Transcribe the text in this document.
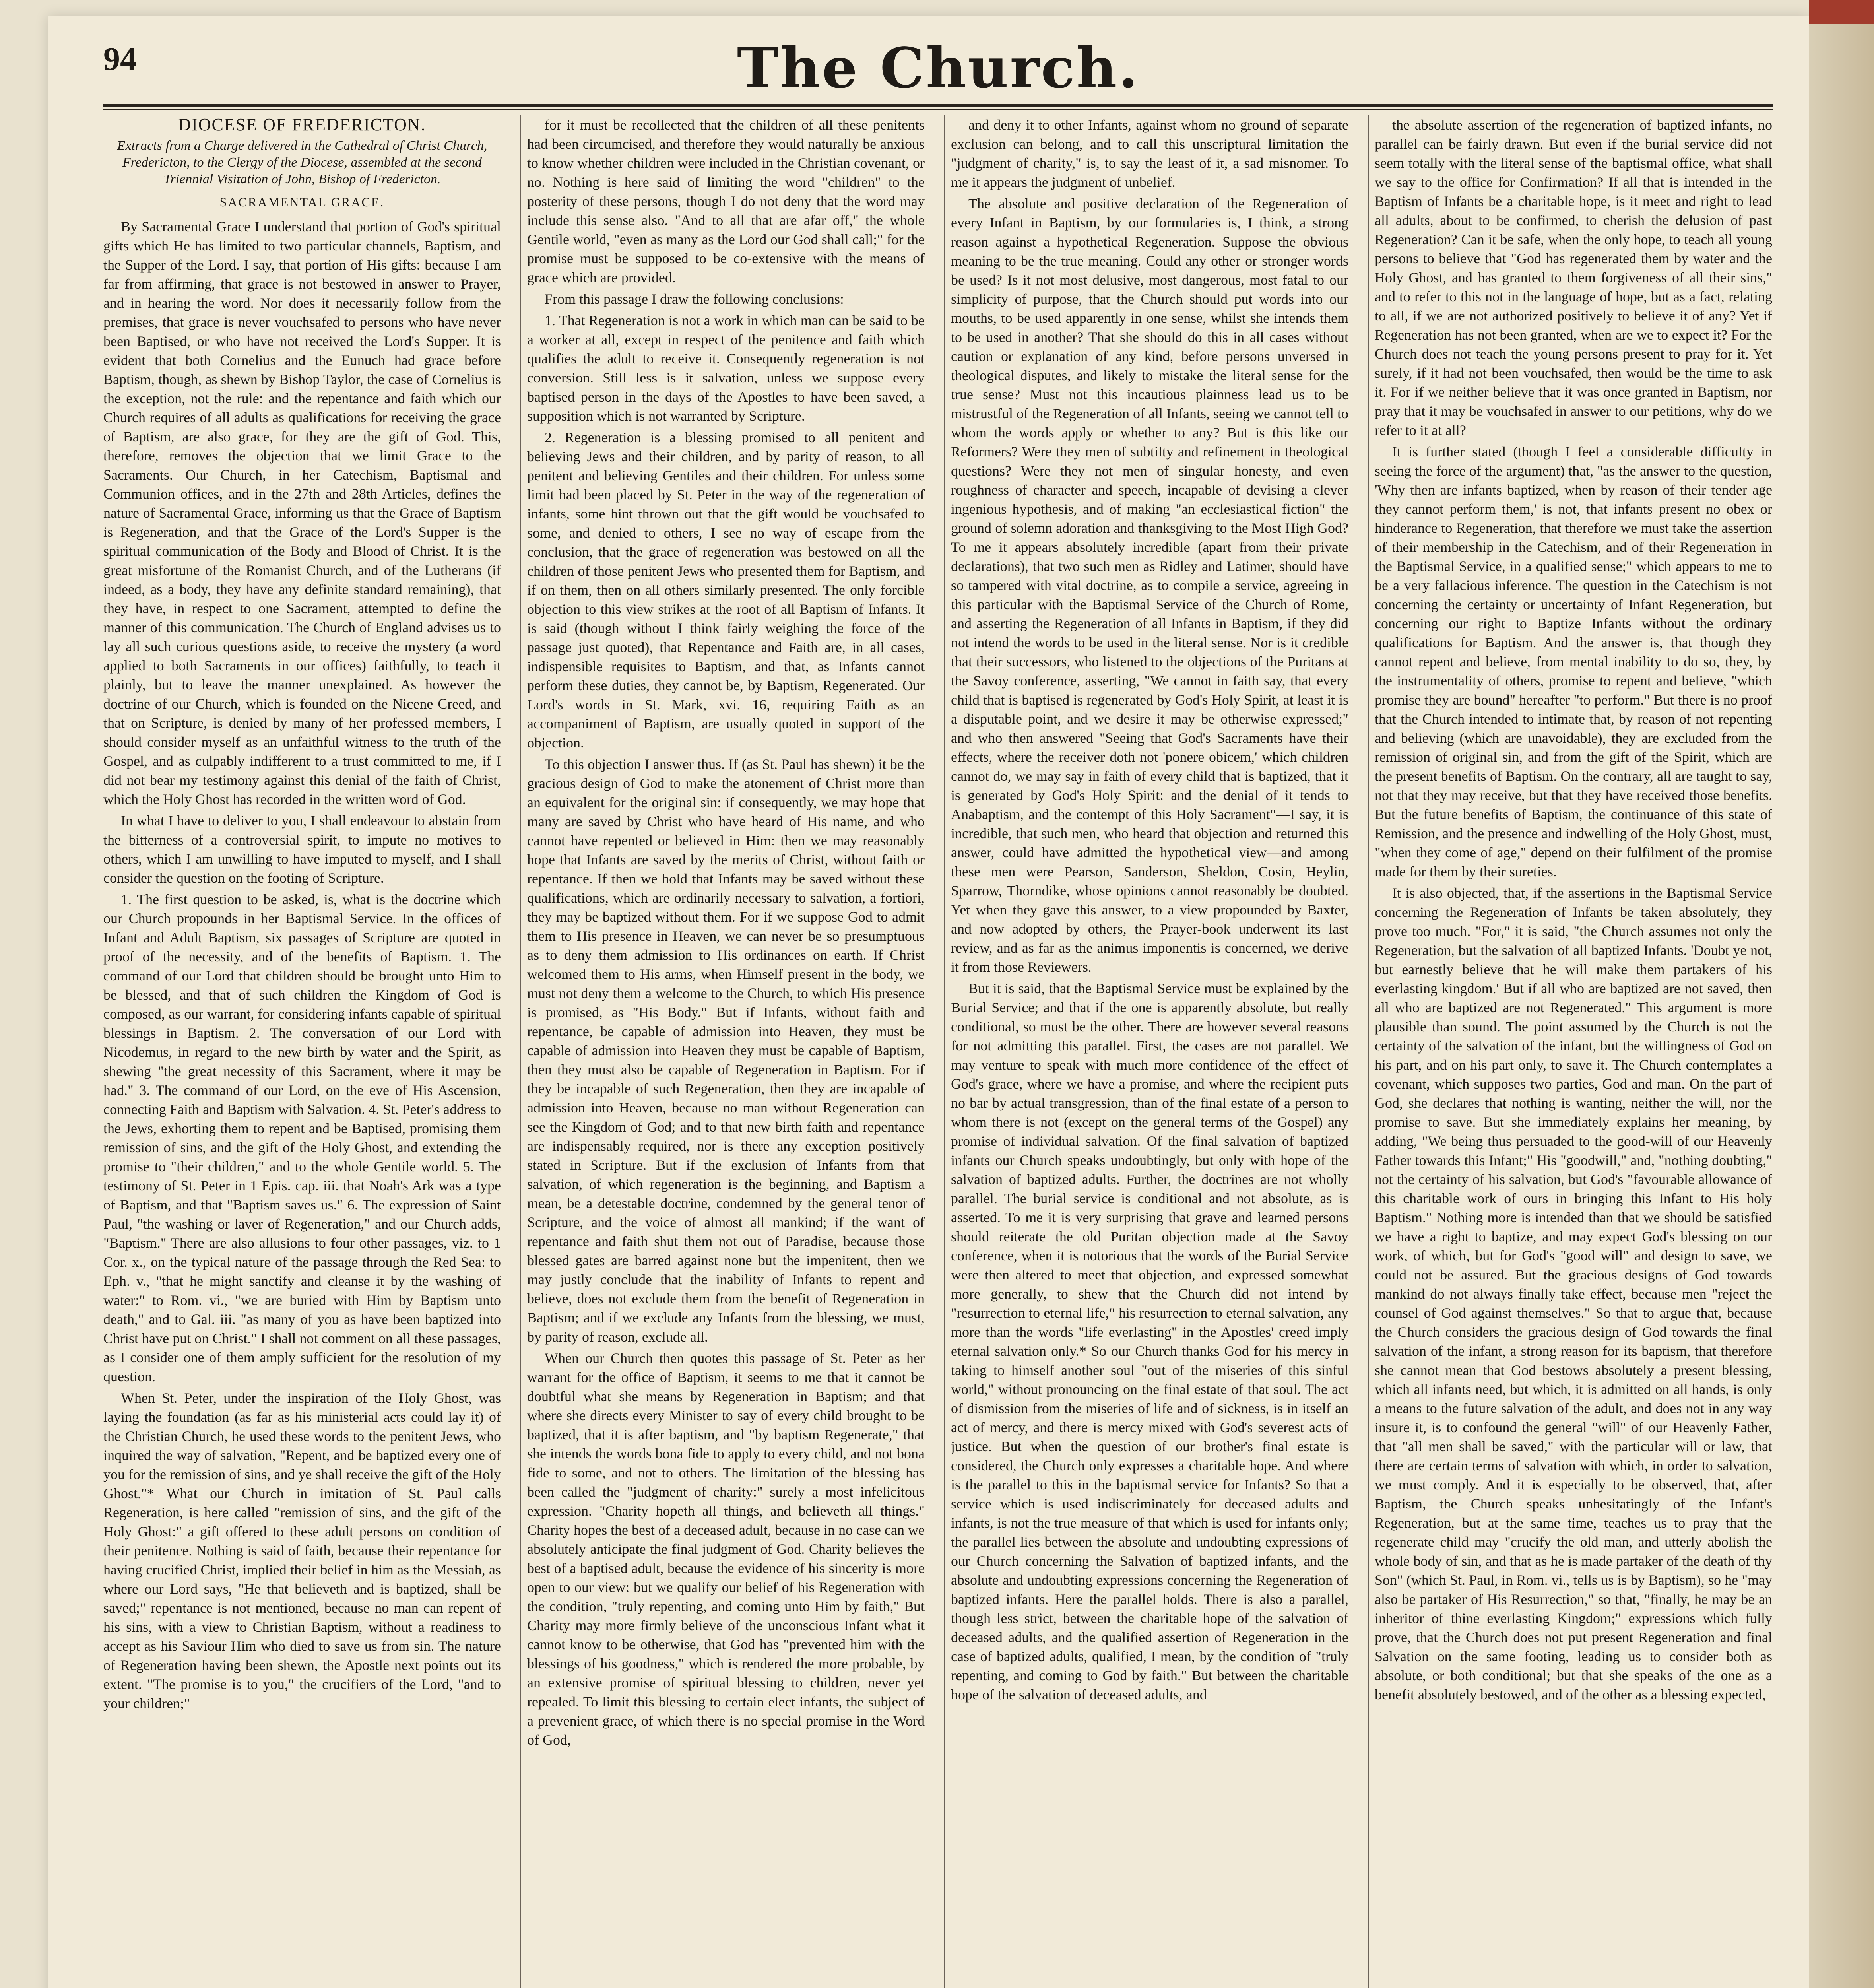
94	The Church.
DIOCESE OF FREDERICTON.
Extracts from a Charge delivered in the Cathedral of Christ Church, Fredericton, to the Clergy of the Diocese, assembled at the second Triennial Visitation of John, Bishop of Fredericton.
SACRAMENTAL GRACE.

By Sacramental Grace I understand that portion of God's spiritual gifts which He has limited to two particular channels, Baptism, and the Supper of the Lord. I say, that portion of His gifts: because I am far from affirming, that grace is not bestowed in answer to Prayer, and in hearing the word. Nor does it necessarily follow from the premises, that grace is never vouchsafed to persons who have never been Baptised, or who have not received the Lord's Supper. It is evident that both Cornelius and the Eunuch had grace before Baptism, though, as shewn by Bishop Taylor, the case of Cornelius is the exception, not the rule: and the repentance and faith which our Church requires of all adults as qualifications for receiving the grace of Baptism, are also grace, for they are the gift of God. This, therefore, removes the objection that we limit Grace to the Sacraments. Our Church, in her Catechism, Baptismal and Communion offices, and in the 27th and 28th Articles, defines the nature of Sacramental Grace, informing us that the Grace of Baptism is Regeneration, and that the Grace of the Lord's Supper is the spiritual communication of the Body and Blood of Christ. It is the great misfortune of the Romanist Church, and of the Lutherans (if indeed, as a body, they have any definite standard remaining), that they have, in respect to one Sacrament, attempted to define the manner of this communication. The Church of England advises us to lay all such curious questions aside, to receive the mystery (a word applied to both Sacraments in our offices) faithfully, to teach it plainly, but to leave the manner unexplained. As however the doctrine of our Church, which is founded on the Nicene Creed, and that on Scripture, is denied by many of her professed members, I should consider myself as an unfaithful witness to the truth of the Gospel, and as culpably indifferent to a trust committed to me, if I did not bear my testimony against this denial of the faith of Christ, which the Holy Ghost has recorded in the written word of God.

In what I have to deliver to you, I shall endeavour to abstain from the bitterness of a controversial spirit, to impute no motives to others, which I am unwilling to have imputed to myself, and I shall consider the question on the footing of Scripture.

1. The first question to be asked, is, what is the doctrine which our Church propounds in her Baptismal Service. In the offices of Infant and Adult Baptism, six passages of Scripture are quoted in proof of the necessity, and of the benefits of Baptism. 1. The command of our Lord that children should be brought unto Him to be blessed, and that of such children the Kingdom of God is composed, as our warrant, for considering infants capable of spiritual blessings in Baptism. 2. The conversation of our Lord with Nicodemus, in regard to the new birth by water and the Spirit, as shewing "the great necessity of this Sacrament, where it may be had." 3. The command of our Lord, on the eve of His Ascension, connecting Faith and Baptism with Salvation. 4. St. Peter's address to the Jews, exhorting them to repent and be Baptised, promising them remission of sins, and the gift of the Holy Ghost, and extending the promise to "their children," and to the whole Gentile world. 5. The testimony of St. Peter in 1 Epis. cap. iii. that Noah's Ark was a type of Baptism, and that "Baptism saves us." 6. The expression of Saint Paul, "the washing or laver of Regeneration," and our Church adds, "Baptism." There are also allusions to four other passages, viz. to 1 Cor. x., on the typical nature of the passage through the Red Sea: to Eph. v., "that he might sanctify and cleanse it by the washing of water:" to Rom. vi., "we are buried with Him by Baptism unto death," and to Gal. iii. "as many of you as have been baptized into Christ have put on Christ." I shall not comment on all these passages, as I consider one of them amply sufficient for the resolution of my question.

When St. Peter, under the inspiration of the Holy Ghost, was laying the foundation (as far as his ministerial acts could lay it) of the Christian Church, he used these words to the penitent Jews, who inquired the way of salvation, "Repent, and be baptized every one of you for the remission of sins, and ye shall receive the gift of the Holy Ghost."* What our Church in imitation of St. Paul calls Regeneration, is here called "remission of sins, and the gift of the Holy Ghost:" a gift offered to these adult persons on condition of their penitence. Nothing is said of faith, because their repentance for having crucified Christ, implied their belief in him as the Messiah, as where our Lord says, "He that believeth and is baptized, shall be saved;" repentance is not mentioned, because no man can repent of his sins, with a view to Christian Baptism, without a readiness to accept as his Saviour Him who died to save us from sin. The nature of Regeneration having been shewn, the Apostle next points out its extent. "The promise is to you," the crucifiers of the Lord, "and to your children;"

for it must be recollected that the children of all these penitents had been circumcised, and therefore they would naturally be anxious to know whether children were included in the Christian covenant, or no. Nothing is here said of limiting the word "children" to the posterity of these persons, though I do not deny that the word may include this sense also. "And to all that are afar off," the whole Gentile world, "even as many as the Lord our God shall call;" for the promise must be supposed to be co-extensive with the means of grace which are provided.

From this passage I draw the following conclusions:

1. That Regeneration is not a work in which man can be said to be a worker at all, except in respect of the penitence and faith which qualifies the adult to receive it. Consequently regeneration is not conversion. Still less is it salvation, unless we suppose every baptised person in the days of the Apostles to have been saved, a supposition which is not warranted by Scripture.

2. Regeneration is a blessing promised to all penitent and believing Jews and their children, and by parity of reason, to all penitent and believing Gentiles and their children. For unless some limit had been placed by St. Peter in the way of the regeneration of infants, some hint thrown out that the gift would be vouchsafed to some, and denied to others, I see no way of escape from the conclusion, that the grace of regeneration was bestowed on all the children of those penitent Jews who presented them for Baptism, and if on them, then on all others similarly presented. The only forcible objection to this view strikes at the root of all Baptism of Infants. It is said (though without I think fairly weighing the force of the passage just quoted), that Repentance and Faith are, in all cases, indispensible requisites to Baptism, and that, as Infants cannot perform these duties, they cannot be, by Baptism, Regenerated. Our Lord's words in St. Mark, xvi. 16, requiring Faith as an accompaniment of Baptism, are usually quoted in support of the objection.

To this objection I answer thus. If (as St. Paul has shewn) it be the gracious design of God to make the atonement of Christ more than an equivalent for the original sin: if consequently, we may hope that many are saved by Christ who have heard of His name, and who cannot have repented or believed in Him: then we may reasonably hope that Infants are saved by the merits of Christ, without faith or repentance. If then we hold that Infants may be saved without these qualifications, which are ordinarily necessary to salvation, a fortiori, they may be baptized without them. For if we suppose God to admit them to His presence in Heaven, we can never be so presumptuous as to deny them admission to His ordinances on earth. If Christ welcomed them to His arms, when Himself present in the body, we must not deny them a welcome to the Church, to which His presence is promised, as "His Body." But if Infants, without faith and repentance, be capable of admission into Heaven, they must be capable of admission into Heaven they must be capable of Baptism, then they must also be capable of Regeneration in Baptism. For if they be incapable of such Regeneration, then they are incapable of admission into Heaven, because no man without Regeneration can see the Kingdom of God; and to that new birth faith and repentance are indispensably required, nor is there any exception positively stated in Scripture. But if the exclusion of Infants from that salvation, of which regeneration is the beginning, and Baptism a mean, be a detestable doctrine, condemned by the general tenor of Scripture, and the voice of almost all mankind; if the want of repentance and faith shut them not out of Paradise, because those blessed gates are barred against none but the impenitent, then we may justly conclude that the inability of Infants to repent and believe, does not exclude them from the benefit of Regeneration in Baptism; and if we exclude any Infants from the blessing, we must, by parity of reason, exclude all.

When our Church then quotes this passage of St. Peter as her warrant for the office of Baptism, it seems to me that it cannot be doubtful what she means by Regeneration in Baptism; and that where she directs every Minister to say of every child brought to be baptized, that it is after baptism, and "by baptism Regenerate," that she intends the words bona fide to apply to every child, and not bona fide to some, and not to others. The limitation of the blessing has been called the "judgment of charity:" surely a most infelicitous expression. "Charity hopeth all things, and believeth all things." Charity hopes the best of a deceased adult, because in no case can we absolutely anticipate the final judgment of God. Charity believes the best of a baptised adult, because the evidence of his sincerity is more open to our view: but we qualify our belief of his Regeneration with the condition, "truly repenting, and coming unto Him by faith," But Charity may more firmly believe of the unconscious Infant what it cannot know to be otherwise, that God has "prevented him with the blessings of his goodness," which is rendered the more probable, by an extensive promise of spiritual blessing to children, never yet repealed. To limit this blessing to certain elect infants, the subject of a prevenient grace, of which there is no special promise in the Word of God,

and deny it to other Infants, against whom no ground of separate exclusion can belong, and to call this unscriptural limitation the "judgment of charity," is, to say the least of it, a sad misnomer. To me it appears the judgment of unbelief.

The absolute and positive declaration of the Regeneration of every Infant in Baptism, by our formularies is, I think, a strong reason against a hypothetical Regeneration. Suppose the obvious meaning to be the true meaning. Could any other or stronger words be used? Is it not most delusive, most dangerous, most fatal to our simplicity of purpose, that the Church should put words into our mouths, to be used apparently in one sense, whilst she intends them to be used in another? That she should do this in all cases without caution or explanation of any kind, before persons unversed in theological disputes, and likely to mistake the literal sense for the true sense? Must not this incautious plainness lead us to be mistrustful of the Regeneration of all Infants, seeing we cannot tell to whom the words apply or whether to any? But is this like our Reformers? Were they men of subtilty and refinement in theological questions? Were they not men of singular honesty, and even roughness of character and speech, incapable of devising a clever ingenious hypothesis, and of making "an ecclesiastical fiction" the ground of solemn adoration and thanksgiving to the Most High God? To me it appears absolutely incredible (apart from their private declarations), that two such men as Ridley and Latimer, should have so tampered with vital doctrine, as to compile a service, agreeing in this particular with the Baptismal Service of the Church of Rome, and asserting the Regeneration of all Infants in Baptism, if they did not intend the words to be used in the literal sense. Nor is it credible that their successors, who listened to the objections of the Puritans at the Savoy conference, asserting, "We cannot in faith say, that every child that is baptised is regenerated by God's Holy Spirit, at least it is a disputable point, and we desire it may be otherwise expressed;" and who then answered "Seeing that God's Sacraments have their effects, where the receiver doth not 'ponere obicem,' which children cannot do, we may say in faith of every child that is baptized, that it is generated by God's Holy Spirit: and the denial of it tends to Anabaptism, and the contempt of this Holy Sacrament"—I say, it is incredible, that such men, who heard that objection and returned this answer, could have admitted the hypothetical view—and among these men were Pearson, Sanderson, Sheldon, Cosin, Heylin, Sparrow, Thorndike, whose opinions cannot reasonably be doubted. Yet when they gave this answer, to a view propounded by Baxter, and now adopted by others, the Prayer-book underwent its last review, and as far as the animus imponentis is concerned, we derive it from those Reviewers.

But it is said, that the Baptismal Service must be explained by the Burial Service; and that if the one is apparently absolute, but really conditional, so must be the other. There are however several reasons for not admitting this parallel. First, the cases are not parallel. We may venture to speak with much more confidence of the effect of God's grace, where we have a promise, and where the recipient puts no bar by actual transgression, than of the final estate of a person to whom there is not (except on the general terms of the Gospel) any promise of individual salvation. Of the final salvation of baptized infants our Church speaks undoubtingly, but only with hope of the salvation of baptized adults. Further, the doctrines are not wholly parallel. The burial service is conditional and not absolute, as is asserted. To me it is very surprising that grave and learned persons should reiterate the old Puritan objection made at the Savoy conference, when it is notorious that the words of the Burial Service were then altered to meet that objection, and expressed somewhat more generally, to shew that the Church did not intend by "resurrection to eternal life," his resurrection to eternal salvation, any more than the words "life everlasting" in the Apostles' creed imply eternal salvation only.* So our Church thanks God for his mercy in taking to himself another soul "out of the miseries of this sinful world," without pronouncing on the final estate of that soul. The act of dismission from the miseries of life and of sickness, is in itself an act of mercy, and there is mercy mixed with God's severest acts of justice. But when the question of our brother's final estate is considered, the Church only expresses a charitable hope. And where is the parallel to this in the baptismal service for Infants? So that a service which is used indiscriminately for deceased adults and infants, is not the true measure of that which is used for infants only; the parallel lies between the absolute and undoubting expressions of our Church concerning the Salvation of baptized infants, and the absolute and undoubting expressions concerning the Regeneration of baptized infants. Here the parallel holds. There is also a parallel, though less strict, between the charitable hope of the salvation of deceased adults, and the qualified assertion of Regeneration in the case of baptized adults, qualified, I mean, by the condition of "truly repenting, and coming to God by faith." But between the charitable hope of the salvation of deceased adults, and

the absolute assertion of the regeneration of baptized infants, no parallel can be fairly drawn. But even if the burial service did not seem totally with the literal sense of the baptismal office, what shall we say to the office for Confirmation? If all that is intended in the Baptism of Infants be a charitable hope, is it meet and right to lead all adults, about to be confirmed, to cherish the delusion of past Regeneration? Can it be safe, when the only hope, to teach all young persons to believe that "God has regenerated them by water and the Holy Ghost, and has granted to them forgiveness of all their sins," and to refer to this not in the language of hope, but as a fact, relating to all, if we are not authorized positively to believe it of any? Yet if Regeneration has not been granted, when are we to expect it? For the Church does not teach the young persons present to pray for it. Yet surely, if it had not been vouchsafed, then would be the time to ask it. For if we neither believe that it was once granted in Baptism, nor pray that it may be vouchsafed in answer to our petitions, why do we refer to it at all?

It is further stated (though I feel a considerable difficulty in seeing the force of the argument) that, "as the answer to the question, 'Why then are infants baptized, when by reason of their tender age they cannot perform them,' is not, that infants present no obex or hinderance to Regeneration, that therefore we must take the assertion of their membership in the Catechism, and of their Regeneration in the Baptismal Service, in a qualified sense;" which appears to me to be a very fallacious inference. The question in the Catechism is not concerning the certainty or uncertainty of Infant Regeneration, but concerning our right to Baptize Infants without the ordinary qualifications for Baptism. And the answer is, that though they cannot repent and believe, from mental inability to do so, they, by the instrumentality of others, promise to repent and believe, "which promise they are bound" hereafter "to perform." But there is no proof that the Church intended to intimate that, by reason of not repenting and believing (which are unavoidable), they are excluded from the remission of original sin, and from the gift of the Spirit, which are the present benefits of Baptism. On the contrary, all are taught to say, not that they may receive, but that they have received those benefits. But the future benefits of Baptism, the continuance of this state of Remission, and the presence and indwelling of the Holy Ghost, must, "when they come of age," depend on their fulfilment of the promise made for them by their sureties.

It is also objected, that, if the assertions in the Baptismal Service concerning the Regeneration of Infants be taken absolutely, they prove too much. "For," it is said, "the Church assumes not only the Regeneration, but the salvation of all baptized Infants. 'Doubt ye not, but earnestly believe that he will make them partakers of his everlasting kingdom.' But if all who are baptized are not saved, then all who are baptized are not Regenerated." This argument is more plausible than sound. The point assumed by the Church is not the certainty of the salvation of the infant, but the willingness of God on his part, and on his part only, to save it. The Church contemplates a covenant, which supposes two parties, God and man. On the part of God, she declares that nothing is wanting, neither the will, nor the promise to save. But she immediately explains her meaning, by adding, "We being thus persuaded to the good-will of our Heavenly Father towards this Infant;" His "goodwill," and, "nothing doubting," not the certainty of his salvation, but God's "favourable allowance of this charitable work of ours in bringing this Infant to His holy Baptism." Nothing more is intended than that we should be satisfied we have a right to baptize, and may expect God's blessing on our work, of which, but for God's "good will" and design to save, we could not be assured. But the gracious designs of God towards mankind do not always finally take effect, because men "reject the counsel of God against themselves." So that to argue that, because the Church considers the gracious design of God towards the final salvation of the infant, a strong reason for its baptism, that therefore she cannot mean that God bestows absolutely a present blessing, which all infants need, but which, it is admitted on all hands, is only a means to the future salvation of the adult, and does not in any way insure it, is to confound the general "will" of our Heavenly Father, that "all men shall be saved," with the particular will or law, that there are certain terms of salvation with which, in order to salvation, we must comply. And it is especially to be observed, that, after Baptism, the Church speaks unhesitatingly of the Infant's Regeneration, but at the same time, teaches us to pray that the regenerate child may "crucify the old man, and utterly abolish the whole body of sin, and that as he is made partaker of the death of thy Son" (which St. Paul, in Rom. vi., tells us is by Baptism), so he "may also be partaker of His Resurrection," so that, "finally, he may be an inheritor of thine everlasting Kingdom;" expressions which fully prove, that the Church does not put present Regeneration and final Salvation on the same footing, leading us to consider both as absolute, or both conditional; but that she speaks of the one as a benefit absolutely bestowed, and of the other as a blessing expected,
